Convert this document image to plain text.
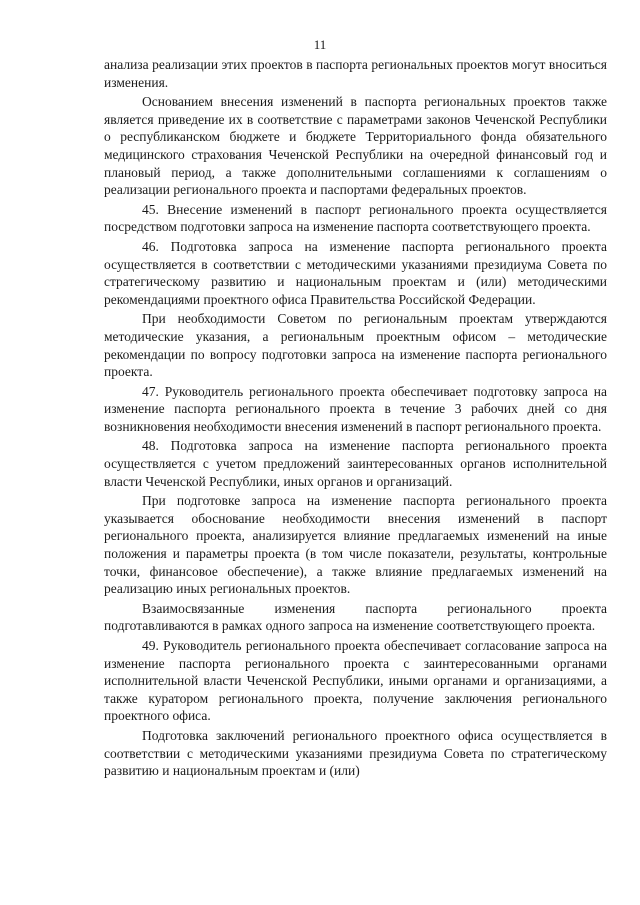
11

анализа реализации этих проектов в паспорта региональных проектов могут вноситься изменения.

Основанием внесения изменений в паспорта региональных проектов также является приведение их в соответствие с параметрами законов Чеченской Республики о республиканском бюджете и бюджете Территориального фонда обязательного медицинского страхования Чеченской Республики на очередной финансовый год и плановый период, а также дополнительными соглашениями к соглашениям о реализации регионального проекта и паспортами федеральных проектов.

45. Внесение изменений в паспорт регионального проекта осуществляется посредством подготовки запроса на изменение паспорта соответствующего проекта.

46. Подготовка запроса на изменение паспорта регионального проекта осуществляется в соответствии с методическими указаниями президиума Совета по стратегическому развитию и национальным проектам и (или) методическими рекомендациями проектного офиса Правительства Российской Федерации.

При необходимости Советом по региональным проектам утверждаются методические указания, а региональным проектным офисом – методические рекомендации по вопросу подготовки запроса на изменение паспорта регионального проекта.

47. Руководитель регионального проекта обеспечивает подготовку запроса на изменение паспорта регионального проекта в течение 3 рабочих дней со дня возникновения необходимости внесения изменений в паспорт регионального проекта.

48. Подготовка запроса на изменение паспорта регионального проекта осуществляется с учетом предложений заинтересованных органов исполнительной власти Чеченской Республики, иных органов и организаций.

При подготовке запроса на изменение паспорта регионального проекта указывается обоснование необходимости внесения изменений в паспорт регионального проекта, анализируется влияние предлагаемых изменений на иные положения и параметры проекта (в том числе показатели, результаты, контрольные точки, финансовое обеспечение), а также влияние предлагаемых изменений на реализацию иных региональных проектов.

Взаимосвязанные изменения паспорта регионального проекта подготавливаются в рамках одного запроса на изменение соответствующего проекта.

49. Руководитель регионального проекта обеспечивает согласование запроса на изменение паспорта регионального проекта с заинтересованными органами исполнительной власти Чеченской Республики, иными органами и организациями, а также куратором регионального проекта, получение заключения регионального проектного офиса.

Подготовка заключений регионального проектного офиса осуществляется в соответствии с методическими указаниями президиума Совета по стратегическому развитию и национальным проектам и (или)
